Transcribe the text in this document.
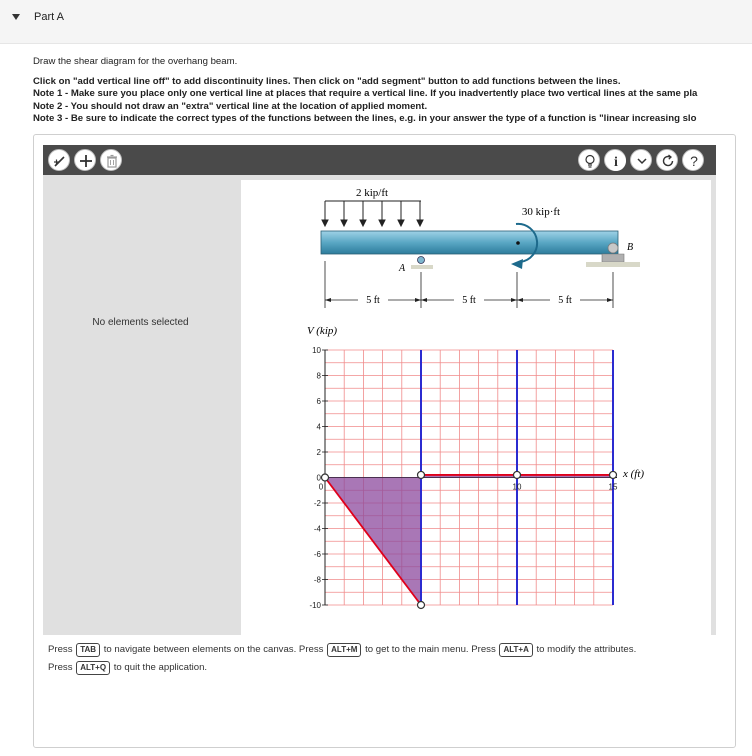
Part A
Draw the shear diagram for the overhang beam.
Click on "add vertical line off" to add discontinuity lines. Then click on "add segment" button to add functions between the lines.
Note 1 - Make sure you place only one vertical line at places that require a vertical line. If you inadvertently place two vertical lines at the same pla
Note 2 - You should not draw an "extra" vertical line at the location of applied moment.
Note 3 - Be sure to indicate the correct types of the functions between the lines, e.g. in your answer the type of a function is "linear increasing slo
i	?
No elements selected
2 kip/ft
A
B
30 kip·ft
5 ft	5 ft	5 ft
V (kip)
x (ft)
10
8
6
4
2
0
-2
-4
-6
-8
-10
0	10	15
Press TAB to navigate between elements on the canvas. Press ALT+M to get to the main menu. Press ALT+A to modify the attributes.
Press ALT+Q to quit the application.
